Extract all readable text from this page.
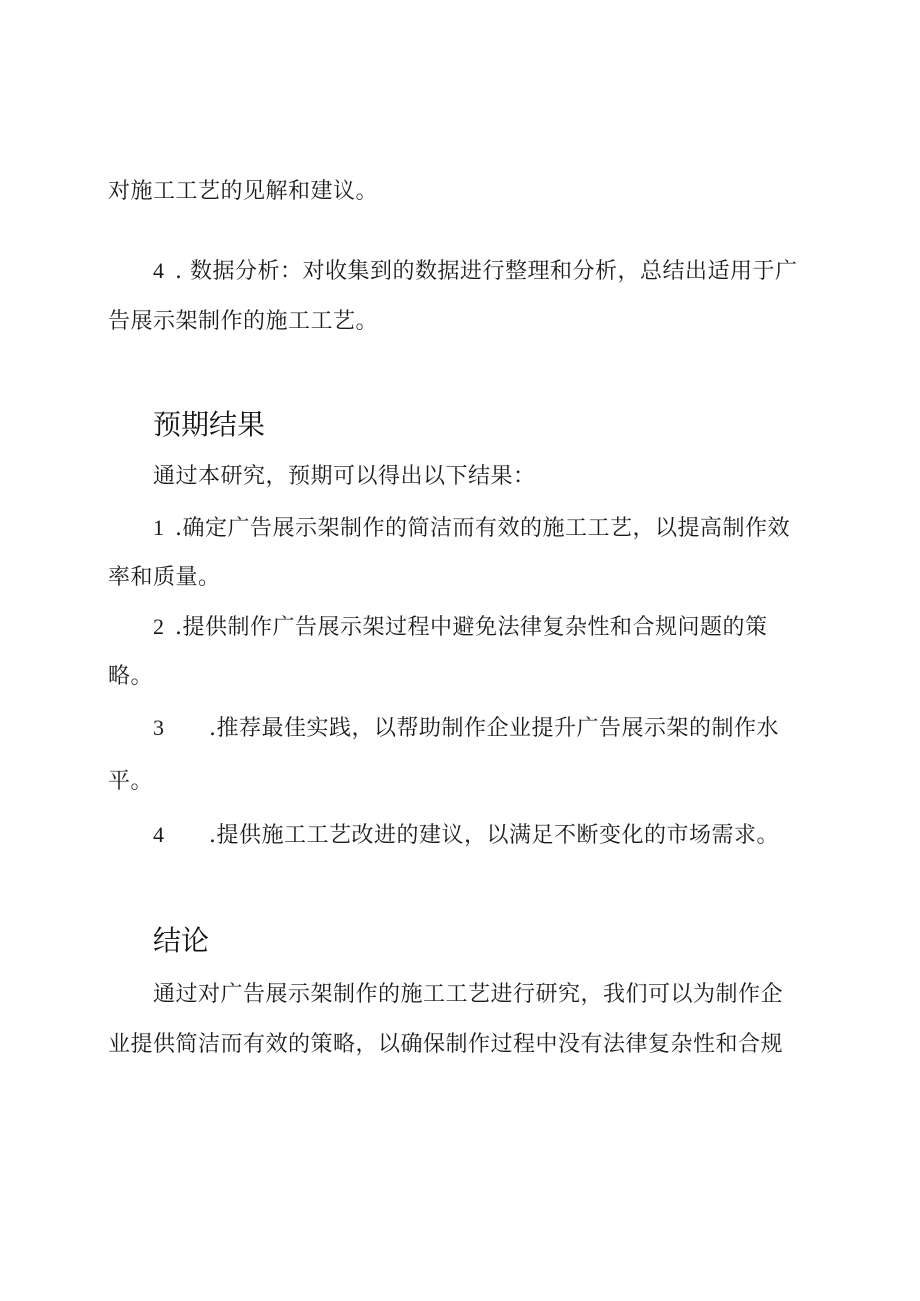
对施工工艺的见解和建议。
4 . 数据分析：对收集到的数据进行整理和分析，总结出适用于广
告展示架制作的施工工艺。
预期结果
通过本研究，预期可以得出以下结果：
1 .确定广告展示架制作的简洁而有效的施工工艺，以提高制作效
率和质量。
2 .提供制作广告展示架过程中避免法律复杂性和合规问题的策
略。
3 .推荐最佳实践，以帮助制作企业提升广告展示架的制作水
平。
4 .提供施工工艺改进的建议，以满足不断变化的市场需求。
结论
通过对广告展示架制作的施工工艺进行研究，我们可以为制作企
业提供简洁而有效的策略，以确保制作过程中没有法律复杂性和合规
